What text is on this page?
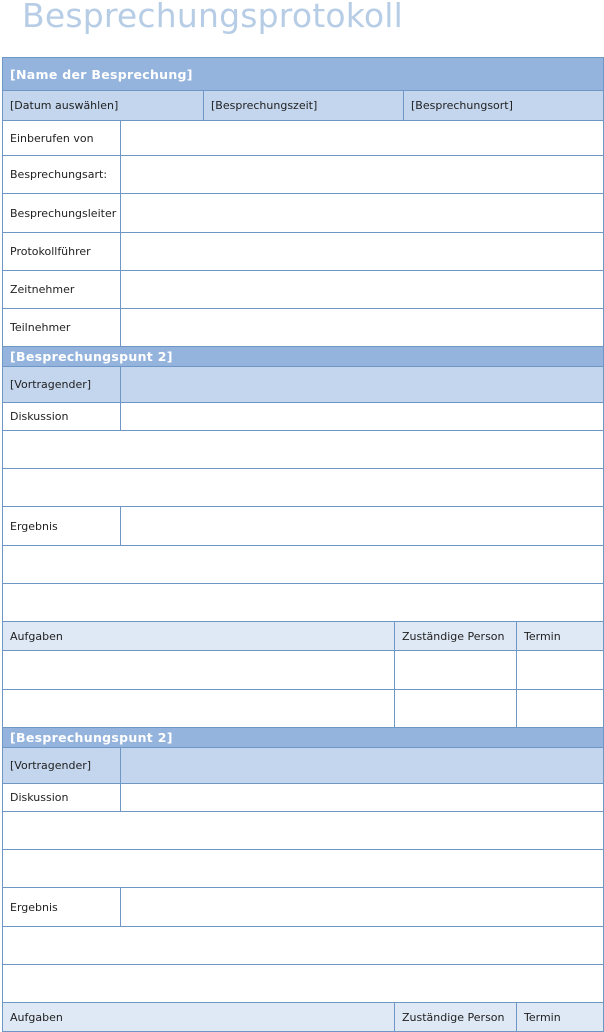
Besprechungsprotokoll
[Name der Besprechung]
[Datum auswählen]	[Besprechungszeit]	[Besprechungsort]
Einberufen von
Besprechungsart:
Besprechungsleiter
Protokollführer
Zeitnehmer
Teilnehmer
[Besprechungspunt 2]
[Vortragender]
Diskussion
Ergebnis
Aufgaben	Zuständige Person	Termin
[Besprechungspunt 2]
[Vortragender]
Diskussion
Ergebnis
Aufgaben	Zuständige Person	Termin
